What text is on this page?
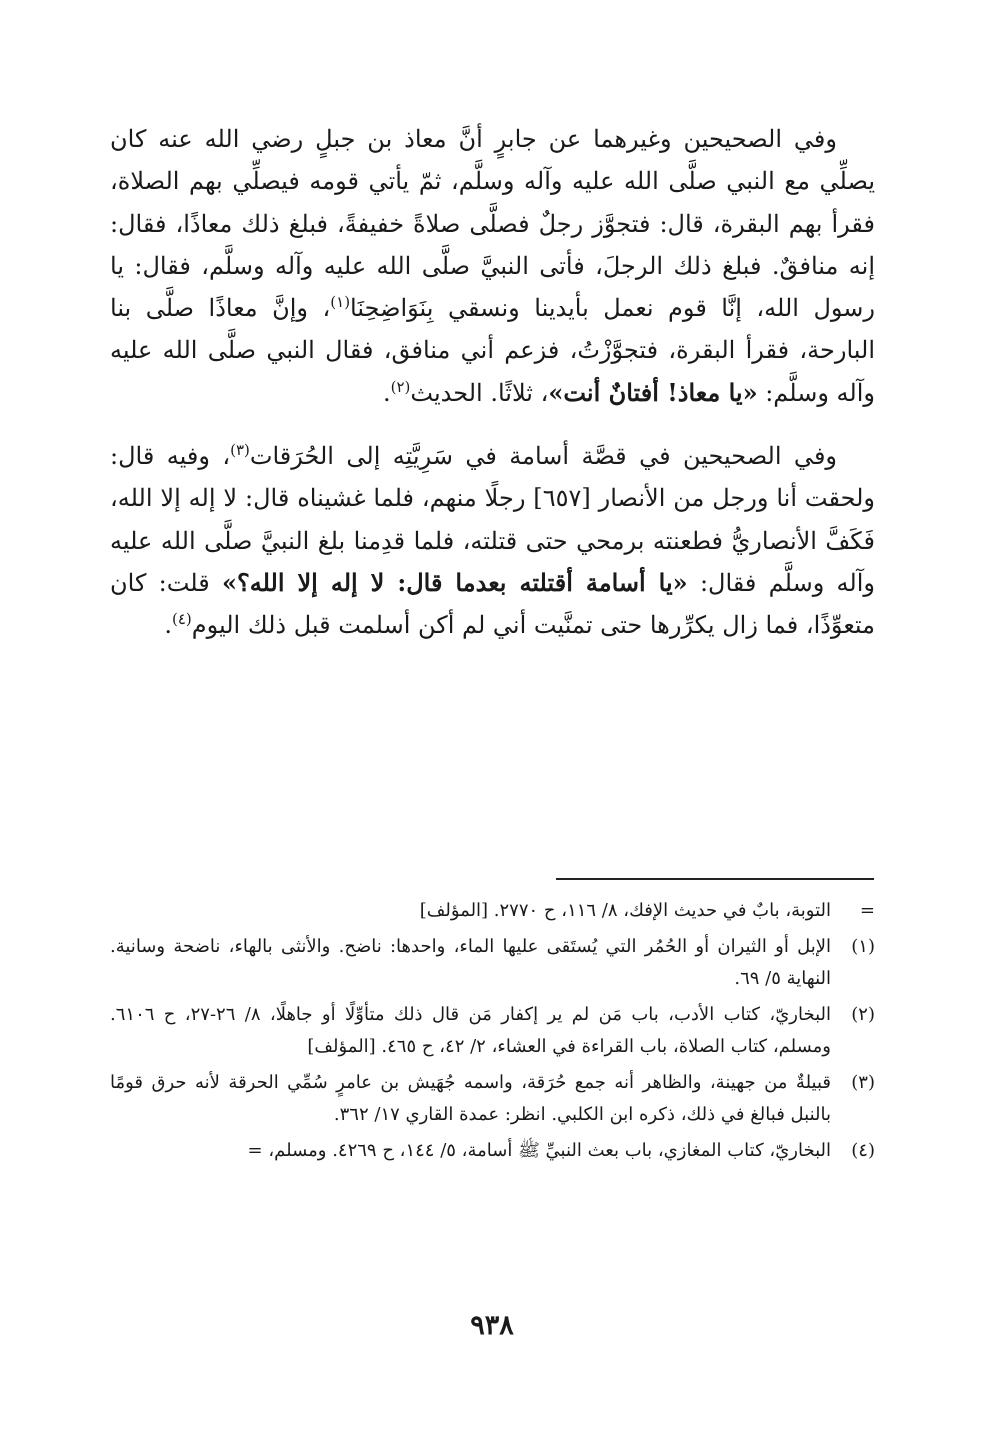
وفي الصحيحين وغيرهما عن جابرٍ أنَّ معاذ بن جبلٍ رضي الله عنه كان يصلِّي مع النبي صلَّى الله عليه وآله وسلَّم، ثمّ يأتي قومه فيصلِّي بهم الصلاة، فقرأ بهم البقرة، قال: فتجوَّز رجلٌ فصلَّى صلاةً خفيفةً، فبلغ ذلك معاذًا، فقال: إنه منافقٌ. فبلغ ذلك الرجلَ، فأتى النبيَّ صلَّى الله عليه وآله وسلَّم، فقال: يا رسول الله، إنَّا قوم نعمل بأيدينا ونسقي بِنَوَاضِحِنَا$^{(١)}$، وإنَّ معاذًا صلَّى بنا البارحة، فقرأ البقرة، فتجوَّزْتُ، فزعم أني منافق، فقال النبي صلَّى الله عليه وآله وسلَّم: «يا معاذ! أفتانٌ أنت»، ثلاثًا. الحديث$^{(٢)}$.

وفي الصحيحين في قصَّة أسامة في سَرِيَّتِه إلى الحُرَقات$^{(٣)}$، وفيه قال: ولحقت أنا ورجل من الأنصار [٦٥٧] رجلًا منهم، فلما غشيناه قال: لا إله إلا الله، فَكَفَّ الأنصاريُّ فطعنته برمحي حتى قتلته، فلما قدِمنا بلغ النبيَّ صلَّى الله عليه وآله وسلَّم فقال: «يا أسامة أقتلته بعدما قال: لا إله إلا الله؟» قلت: كان متعوِّذًا، فما زال يكرِّرها حتى تمنَّيت أني لم أكن أسلمت قبل ذلك اليوم$^{(٤)}$.

=
التوبة، بابٌ في حديث الإفك، ٨/ ١١٦، ح ٢٧٧٠. [المؤلف]
(١)
الإبل أو الثيران أو الحُمُر التي يُستَقى عليها الماء، واحدها: ناضح. والأنثى بالهاء، ناضحة وسانية. النهاية ٥/ ٦٩.
(٢)
البخاريّ، كتاب الأدب، باب مَن لم ير إكفار مَن قال ذلك متأوِّلًا أو جاهلًا، ٨/ ٢٦-٢٧، ح ٦١٠٦. ومسلم، كتاب الصلاة، باب القراءة في العشاء، ٢/ ٤٢، ح ٤٦٥. [المؤلف]
(٣)
قبيلةٌ من جهينة، والظاهر أنه جمع حُرَقة، واسمه جُهَيش بن عامرٍ سُمِّي الحرقة لأنه حرق قومًا بالنبل فبالغ في ذلك، ذكره ابن الكلبي. انظر: عمدة القاري ١٧/ ٣٦٢.
(٤)
البخاريّ، كتاب المغازي، باب بعث النبيِّ ﷺ أسامة، ٥/ ١٤٤، ح ٤٢٦٩. ومسلم، =
٩٣٨
